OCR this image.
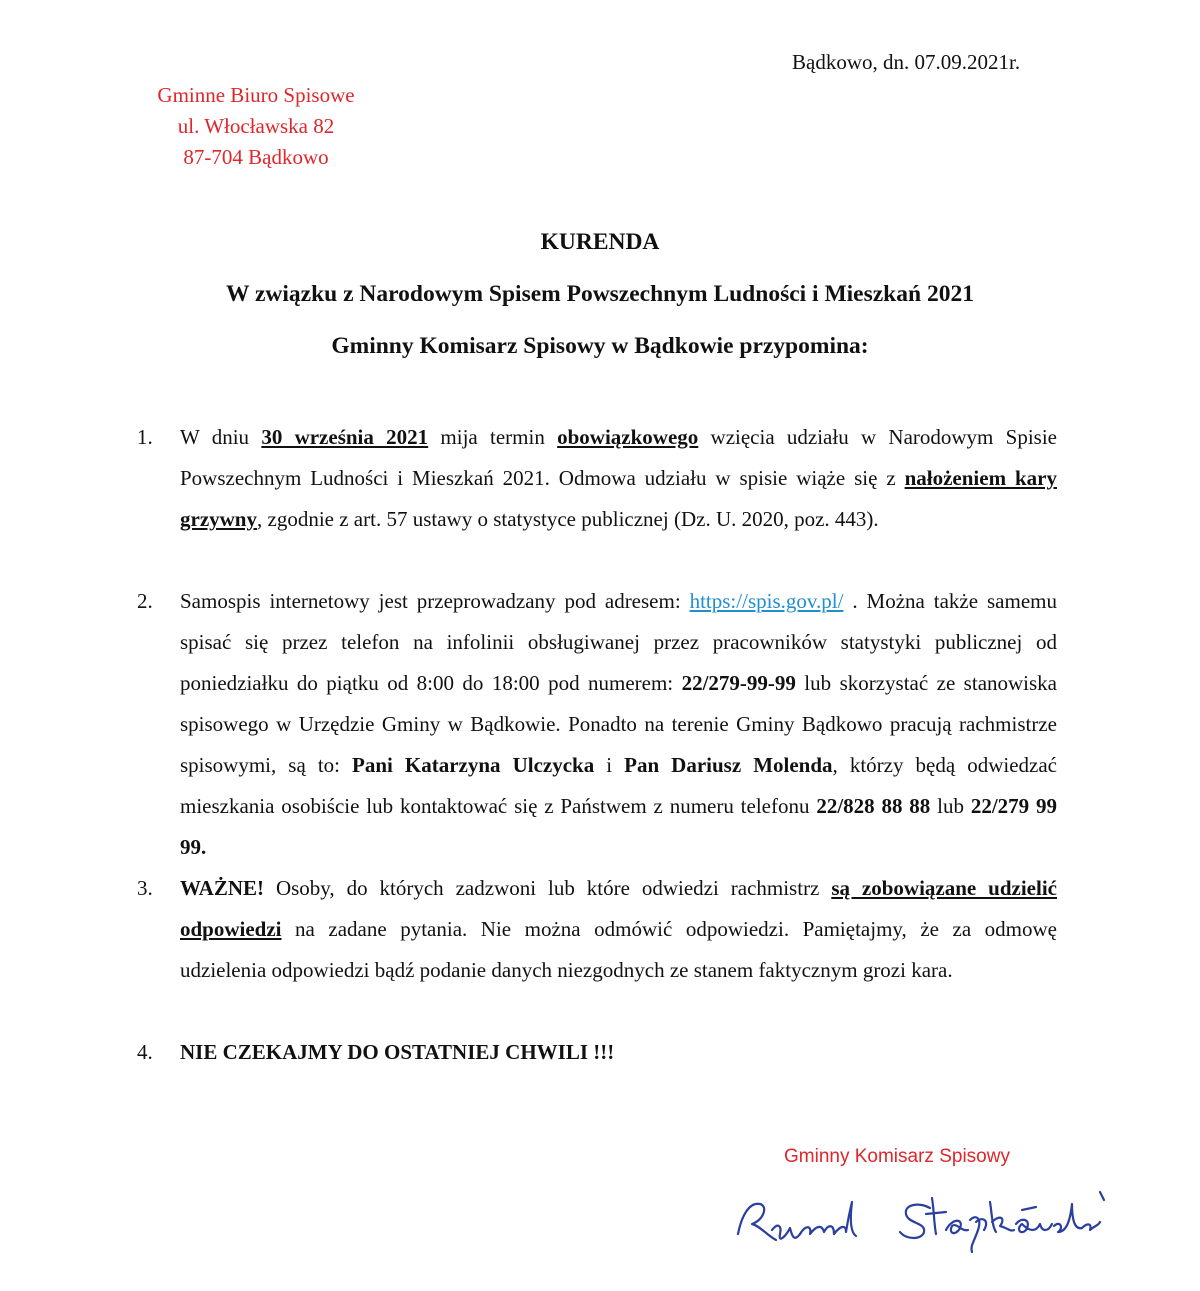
Bądkowo, dn. 07.09.2021r.
Gminne Biuro Spisowe
ul. Włocławska 82
87-704 Bądkowo
KURENDA
W związku z Narodowym Spisem Powszechnym Ludności i Mieszkań 2021
Gminny Komisarz Spisowy w Bądkowie przypomina:
1.	W dniu 30 września 2021 mija termin obowiązkowego wzięcia udziału w Narodowym Spisie Powszechnym Ludności i Mieszkań 2021. Odmowa udziału w spisie wiąże się z nałożeniem kary grzywny, zgodnie z art. 57 ustawy o statystyce publicznej (Dz. U. 2020, poz. 443).
2.	Samospis internetowy jest przeprowadzany pod adresem: https://spis.gov.pl/ . Można także samemu spisać się przez telefon na infolinii obsługiwanej przez pracowników statystyki publicznej od poniedziałku do piątku od 8:00 do 18:00 pod numerem: 22/279-99-99 lub skorzystać ze stanowiska spisowego w Urzędzie Gminy w Bądkowie. Ponadto na terenie Gminy Bądkowo pracują rachmistrze spisowymi, są to: Pani Katarzyna Ulczycka i Pan Dariusz Molenda, którzy będą odwiedzać mieszkania osobiście lub kontaktować się z Państwem z numeru telefonu 22/828 88 88 lub 22/279 99 99.
3.	WAŻNE! Osoby, do których zadzwoni lub które odwiedzi rachmistrz są zobowiązane udzielić odpowiedzi na zadane pytania. Nie można odmówić odpowiedzi. Pamiętajmy, że za odmowę udzielenia odpowiedzi bądź podanie danych niezgodnych ze stanem faktycznym grozi kara.
4.	NIE CZEKAJMY DO OSTATNIEJ CHWILI !!!
Gminny Komisarz Spisowy
